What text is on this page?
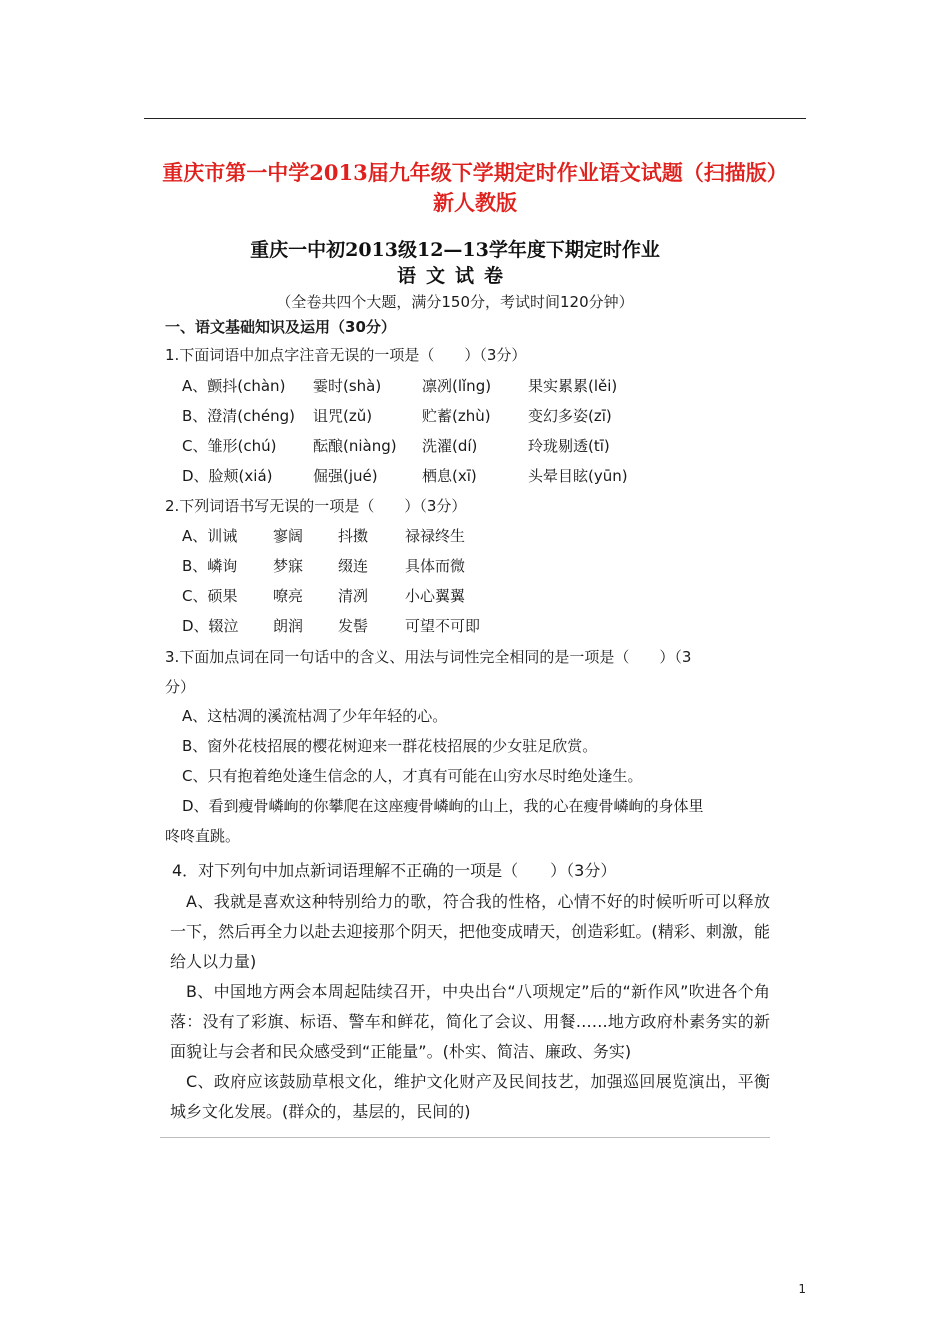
重庆市第一中学2013届九年级下学期定时作业语文试题（扫描版）
新人教版
重庆一中初2013级12—13学年度下期定时作业
语文试卷
（全卷共四个大题，满分150分，考试时间120分钟）
一、语文基础知识及运用（30分）
1.下面词语中加点字注音无误的一项是（　　）（3分）
A、颤抖(chàn) 霎时(shà)	凛冽(lǐng) 果实累累(lěi)
B、澄清(chéng) 诅咒(zǔ)	贮蓄(zhù) 变幻多姿(zī)
C、雏形(chú) 酝酿(niàng) 洗濯(dí)	玲珑剔透(tī)
D、脸颊(xiá)	倔强(jué)	栖息(xī)	头晕目眩(yūn)
2.下列词语书写无误的一项是（　　）（3分）
A、训诫 寥阔 抖擞 禄禄终生
B、嶙询 梦寐 缀连 具体而微
C、硕果 嘹亮 清冽 小心翼翼
D、辍泣 朗润 发髻 可望不可即
3.下面加点词在同一句话中的含义、用法与词性完全相同的是一项是（　　）（3
分）
A、这枯凋的溪流枯凋了少年年轻的心。
B、窗外花枝招展的樱花树迎来一群花枝招展的少女驻足欣赏。
C、只有抱着绝处逢生信念的人，才真有可能在山穷水尽时绝处逢生。
D、看到瘦骨嶙峋的你攀爬在这座瘦骨嶙峋的山上，我的心在瘦骨嶙峋的身体里
咚咚直跳。
4．对下列句中加点新词语理解不正确的一项是（　　）（3分）
A、我就是喜欢这种特别给力的歌，符合我的性格，心情不好的时候听听可以释放一下，然后再全力以赴去迎接那个阴天，把他变成晴天，创造彩虹。(精彩、刺激，能给人以力量)
B、中国地方两会本周起陆续召开，中央出台“八项规定”后的“新作风”吹进各个角落：没有了彩旗、标语、警车和鲜花，简化了会议、用餐……地方政府朴素务实的新面貌让与会者和民众感受到“正能量”。(朴实、简洁、廉政、务实)
C、政府应该鼓励草根文化，维护文化财产及民间技艺，加强巡回展览演出，平衡城乡文化发展。(群众的，基层的，民间的)
1
